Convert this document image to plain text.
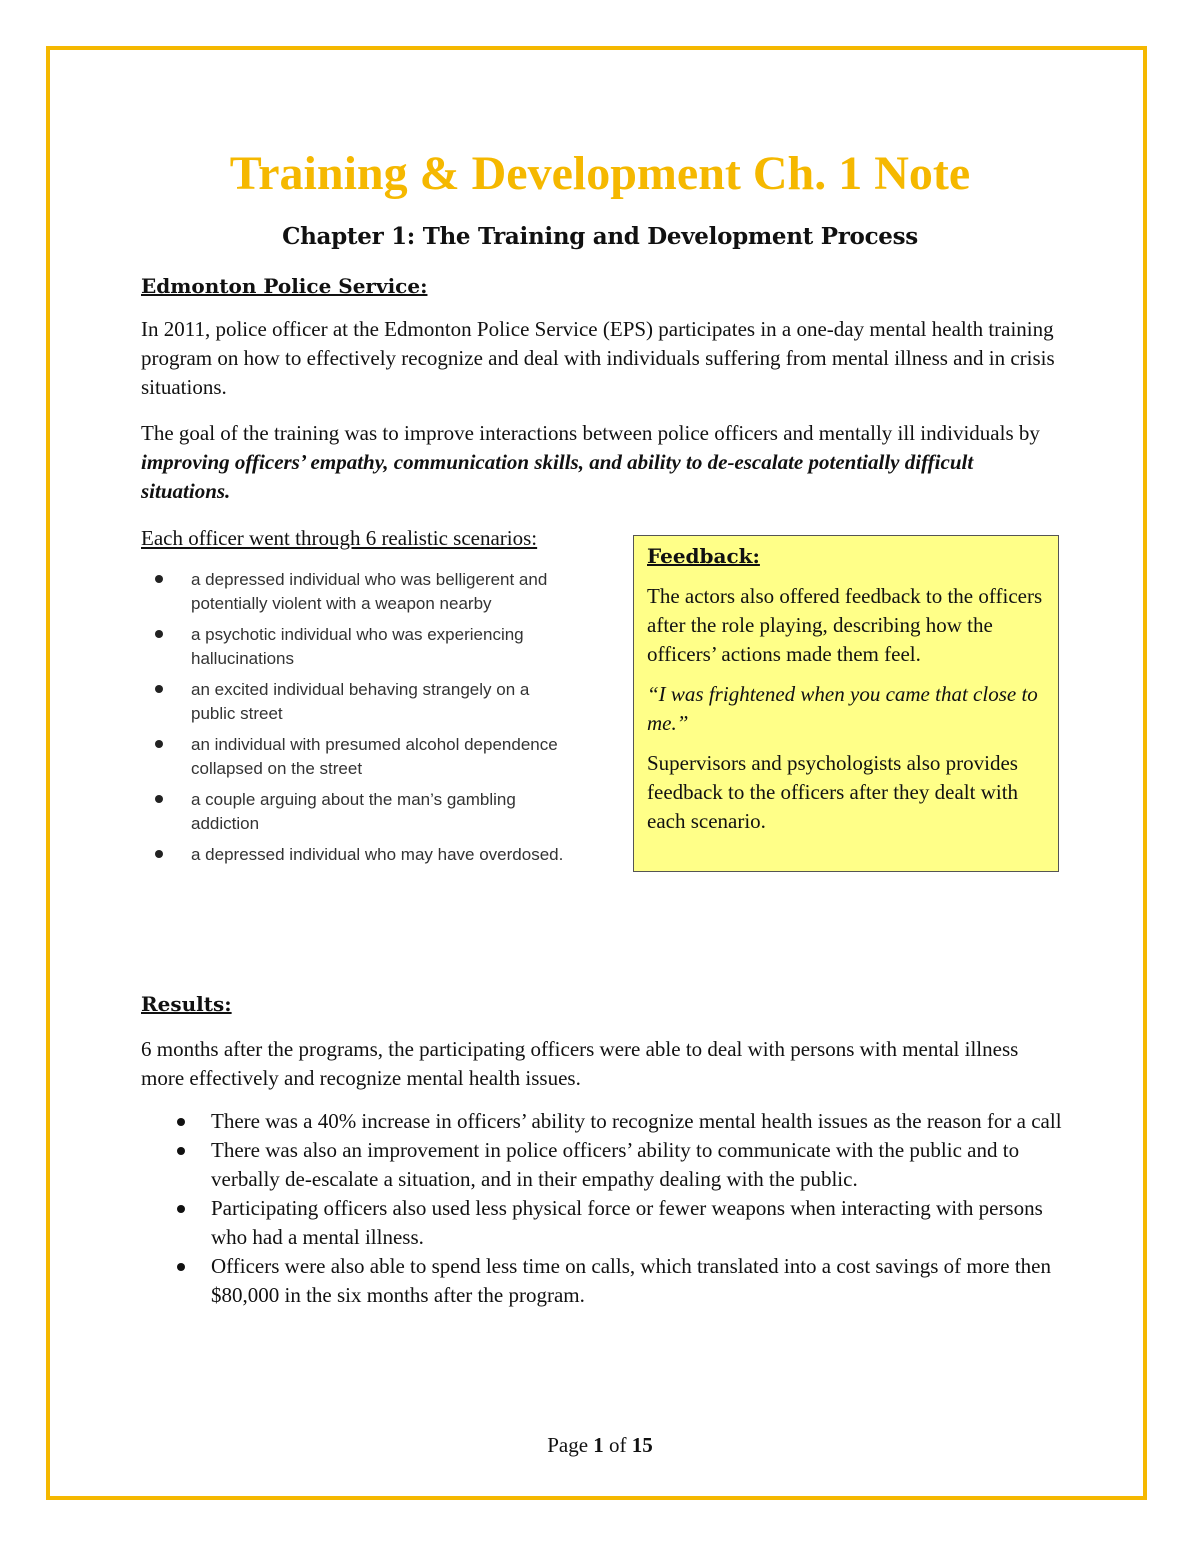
Training & Development Ch. 1 Note
Chapter 1: The Training and Development Process

Edmonton Police Service:

In 2011, police officer at the Edmonton Police Service (EPS) participates in a one-day mental health training program on how to effectively recognize and deal with individuals suffering from mental illness and in crisis situations.

The goal of the training was to improve interactions between police officers and mentally ill individuals by improving officers’ empathy, communication skills, and ability to de-escalate potentially difficult situations.

Each officer went through 6 realistic scenarios:

a depressed individual who was belligerent and potentially violent with a weapon nearby
a psychotic individual who was experiencing hallucinations
an excited individual behaving strangely on a public street
an individual with presumed alcohol dependence collapsed on the street
a couple arguing about the man’s gambling addiction
a depressed individual who may have overdosed.

Feedback:

The actors also offered feedback to the officers after the role playing, describing how the officers’ actions made them feel.

“I was frightened when you came that close to me.”

Supervisors and psychologists also provides feedback to the officers after they dealt with each scenario.

Results:

6 months after the programs, the participating officers were able to deal with persons with mental illness more effectively and recognize mental health issues.

There was a 40% increase in officers’ ability to recognize mental health issues as the reason for a call
There was also an improvement in police officers’ ability to communicate with the public and to verbally de-escalate a situation, and in their empathy dealing with the public.
Participating officers also used less physical force or fewer weapons when interacting with persons who had a mental illness.
Officers were also able to spend less time on calls, which translated into a cost savings of more then $80,000 in the six months after the program.

Page 1 of 15
